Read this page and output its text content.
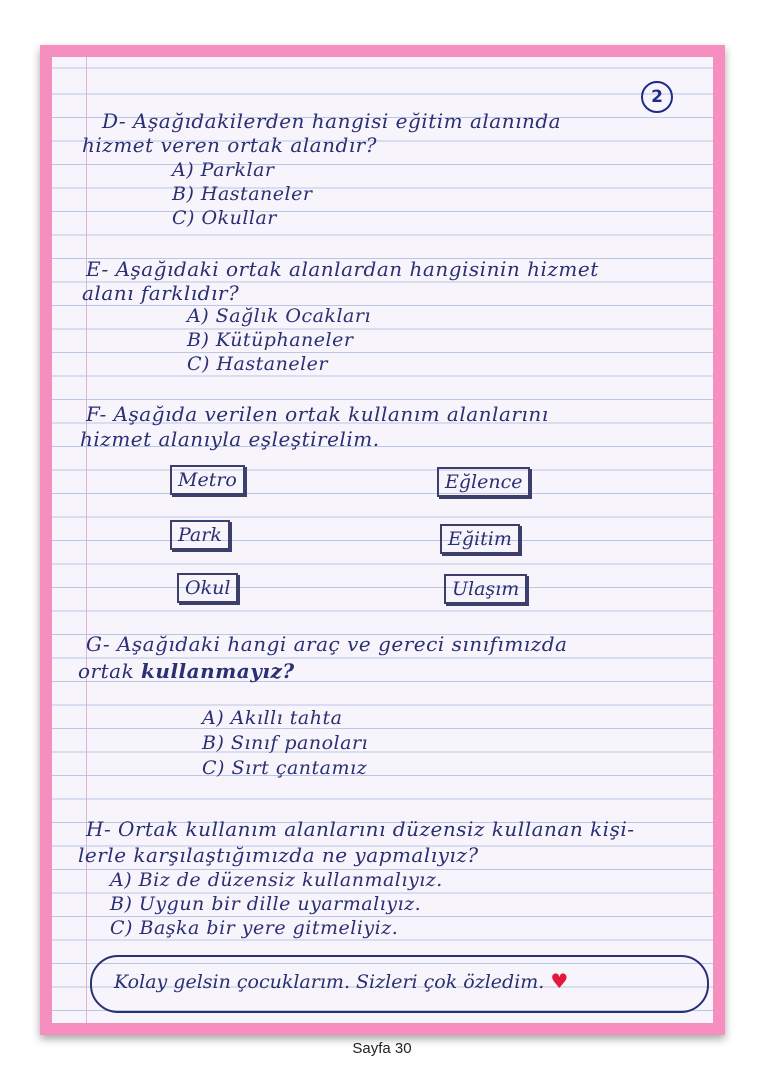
2
D- Aşağıdakilerden hangisi eğitim alanında
hizmet veren ortak alandır?
A) Parklar
B) Hastaneler
C) Okullar
E- Aşağıdaki ortak alanlardan hangisinin hizmet
alanı farklıdır?
A) Sağlık Ocakları
B) Kütüphaneler
C) Hastaneler
F- Aşağıda verilen ortak kullanım alanlarını
hizmet alanıyla eşleştirelim.
Metro
Park
Okul
Eğlence
Eğitim
Ulaşım
G- Aşağıdaki hangi araç ve gereci sınıfımızda
ortak kullanmayız?
A) Akıllı tahta
B) Sınıf panoları
C) Sırt çantamız
H- Ortak kullanım alanlarını düzensiz kullanan kişi-
lerle karşılaştığımızda ne yapmalıyız?
A) Biz de düzensiz kullanmalıyız.
B) Uygun bir dille uyarmalıyız.
C) Başka bir yere gitmeliyiz.
Kolay gelsin çocuklarım. Sizleri çok özledim. ♥
Sayfa 30
